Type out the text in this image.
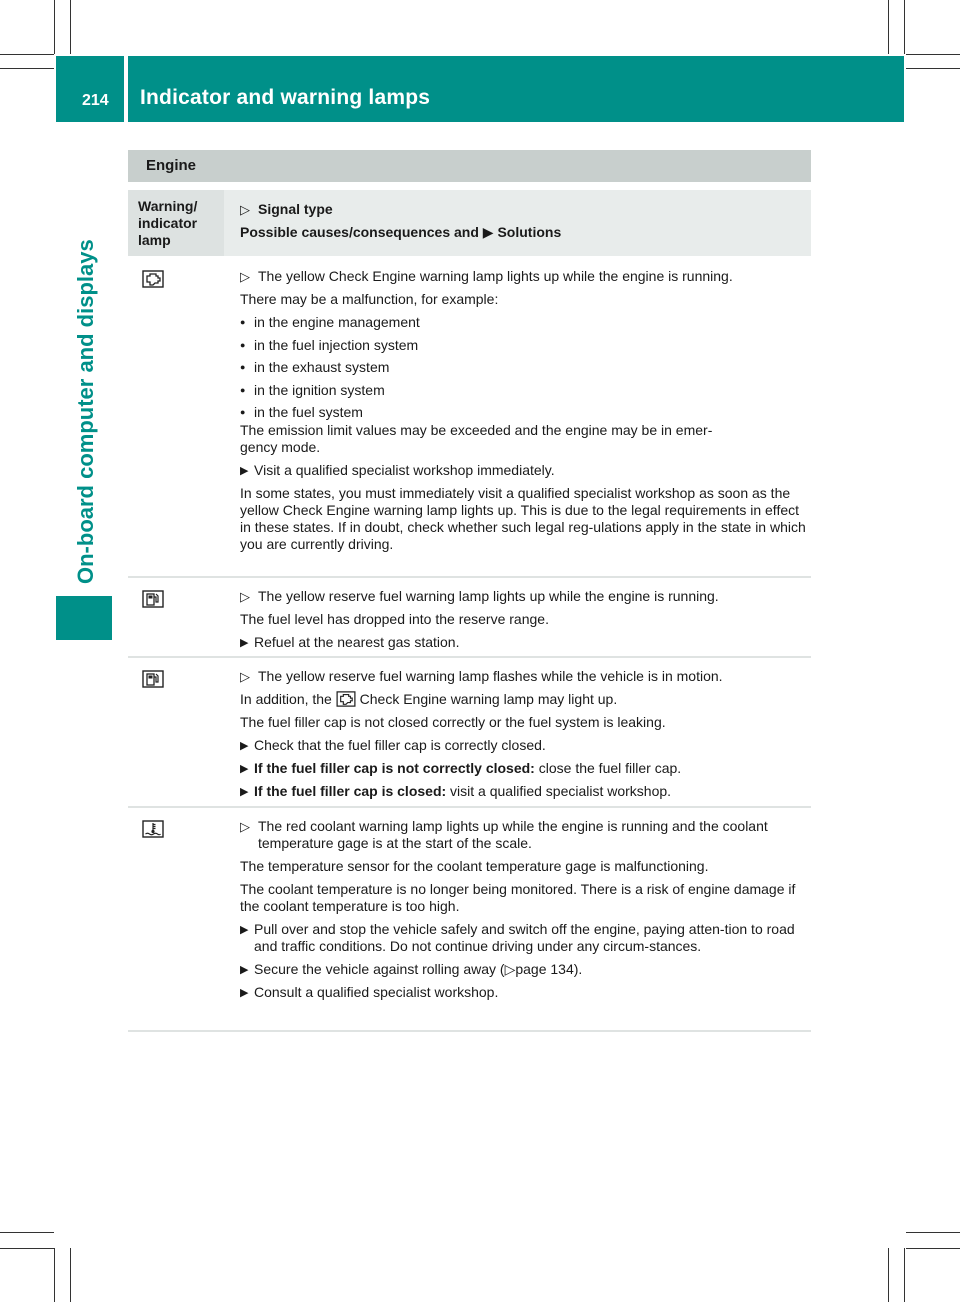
214 Indicator and warning lamps
On-board computer and displays
Engine
Warning/
indicator
lamp
▷ Signal type
Possible causes/consequences and ▶ Solutions

▷ The yellow Check Engine warning lamp lights up while the engine is running.

There may be a malfunction, for example:

● in the engine management
● in the fuel injection system
● in the exhaust system
● in the ignition system
● in the fuel system

The emission limit values may be exceeded and the engine may be in emer-
gency mode.

▶ Visit a qualified specialist workshop immediately.

In some states, you must immediately visit a qualified specialist workshop as soon as the yellow Check Engine warning lamp lights up. This is due to the legal requirements in effect in these states. If in doubt, check whether such legal reg-ulations apply in the state in which you are currently driving.

▷ The yellow reserve fuel warning lamp lights up while the engine is running.

The fuel level has dropped into the reserve range.

▶ Refuel at the nearest gas station.

▷ The yellow reserve fuel warning lamp flashes while the vehicle is in motion.

In addition, the Check Engine warning lamp may light up.

The fuel filler cap is not closed correctly or the fuel system is leaking.

▶ Check that the fuel filler cap is correctly closed.

▶ If the fuel filler cap is not correctly closed: close the fuel filler cap.

▶ If the fuel filler cap is closed: visit a qualified specialist workshop.

▷ The red coolant warning lamp lights up while the engine is running and the coolant temperature gage is at the start of the scale.

The temperature sensor for the coolant temperature gage is malfunctioning.

The coolant temperature is no longer being monitored. There is a risk of engine damage if the coolant temperature is too high.

▶ Pull over and stop the vehicle safely and switch off the engine, paying atten-tion to road and traffic conditions. Do not continue driving under any circum-stances.

▶ Secure the vehicle against rolling away (▷page 134).

▶ Consult a qualified specialist workshop.
